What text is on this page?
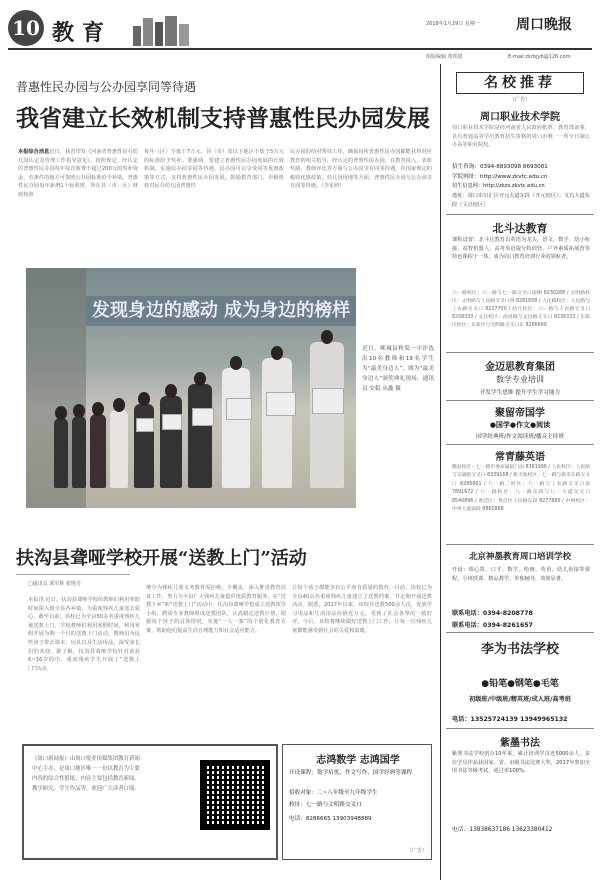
10 教育	2018年1月29日 星期一	周口晚报
组版编辑 黄铁银	E-mail:zkrbjyb@126.com
普惠性民办园与公办园享同等待遇
我省建立长效机制支持普惠性民办园发展
本报综合消息近日，我省印发《河南省普惠性民办幼儿园认定及管理工作指导意见》，按照规定，经认定的普惠性民办园每年每次收费不超过200元的奖补资金，有条件的地方可参照公办园标准给予补助。普惠性民办园每年新增1个标准班，所在县（市、区）财政按照
每年（区）不低于7万元、县（市）及以下地区不低于5万元的标准给予奖补。要强调，要建立普惠性民办园发展的长效机制，实施民办园享同等待遇。民办园可以享受同等优惠政策等方式，支持普惠性民办园发展，鼓励教育部门，市级机构对民办幼儿园普惠性
民办园的结对帮扶工作，确保每所普惠性民办园都能获得对应教育的相关指导，经认定的普惠性民办园，在教育投入、表彰奖励、教师评比等方面与公办园享有同等待遇。在国家规定的税收优惠政策，幼儿园用地等方面，普惠性民办园与公办园享有同等待遇。（李见研）
发现身边的感动 成为身边的榜样
近日，郸城县秋渠一中评选出10名教师和19名学生为“最美身边人”。图为“最美身边人”颁奖典礼现场。通讯员 安稳 从鑫 摄
扶沟县聋哑学校开展“送教上门”活动
□通讯员 郭军辉 张艳芳
本报讯 近日，扶沟县聋哑学校的教师们利用寒假时间深入到全县各乡镇，为重度残疾儿童送去爱心。截至目前，该校已为全县50多名重度残疾儿童送教上门，学校教师们利用寒假时间，利用寒假开展为期一个月的送教上门活动，教师们为这些孩子带去课本、玩具以及生活用品，深受家长们的欢迎。据了解，扶沟县聋哑学校针对该县6~16岁的中、重度残疾学生开展了“送教上门”活动。
统分为残疾儿童义务教育零拒绝。全覆盖，深入推进教育扶贫工作，努力为全县广大残疾儿童提供优质教育服务。在“送教下乡”和“送教上门”活动中，扶沟县聋哑学校成立送教领导小组，聘请专业教师组成送教团队，认真制定送教计划，根据每个孩子的具体情况，实施“一人一案”的个别化教育方案，帮助他们提高生活自理能力和社会适应能力。
让每个孩子都能享有公平而有质量的教育。目前，该校已为全县40余名重度残疾儿童建立了送教档案，并定期开展送教活动。据悉，2017年以来，该校共送教500余人次，发放学习用品和生活用品价值近万元，受到了社会各界的一致好评。今后，该校将继续做好送教上门工作，让每一位残疾儿童都能感受到社会的关爱和温暖。
《周口新闻报》由周口报业传媒集团教育新闻中心主办，是周口地区唯一一份以教育为主要内容的综合性报纸，内容主要包括教育新闻、教学研究、学生作品等。欢迎广大读者订阅。
志鸿数学 志鸿国学
开设课程：数学培优、作文写作、国学经典等课程
招收对象：二~八年级至九年级学生
校址：七一路与文明路交叉口
电话：8286665 13903948889
（广告）
名校推荐
（广告）
周口职业技术学院
周口职业技术学院是经河南省人民政府批准、教育部备案，具有普通高等学历教育招生资格的周口市唯一一所全日制公办高等职业院校。
招生咨询：0394-8893098 8693081
学院网址：http://www.zkvtc.edu.cn
招生信息网：http://zkzs.zkvtc.edu.cn
地址：周口市川汇区开元大道东段（开元校区）；文昌大道东段（文昌校区）
北斗达教育
课程设置：北斗达教育以英语为龙头，语文、数学、幼小衔接、益智机器人、高考英语提分特训营、户外素质拓展营等特色课程于一体，成为周口教育培训行业的领航者。
六一路校区：六一路与七一路交叉口南侧 8230288 / 文明路校区：文明路与人民路交叉口西 8281858 / 人民路校区：人民路与工农路交叉口 8227700 / 幼儿校区：六一路与人民路交叉口 8208333 / 文昌校区：滨河路与文昌路交叉口 8236333 / 东新区校区：东新区与光明路交叉口东 8266669
金迈思教育集团
数学专业培训
开发学生思维 提升学生学习能力
聚留帝国学
●国学●作文●阅读
国学经典班/作文阅读班/播音主持班
常青藤英语
精品校区：七一路市委家属院门面 8361996 / 人民校区：人民路与交通路交叉口 8339168 / 新天地校区：七一路与新市东路交叉口 8286861 / 八一路二校区：八一路与工农路交叉口南 7891672 / 八一路校区：八一路东段与八一大道交叉口 8540896 / 黄泛区：黄泛区人民路东段 8277889 / 中州校区：中州大道南段 8865868
北京神墨教育周口培训学校
开设：珠心算、口才、数学、绘画、英语、幼儿衔接等课程，小班授课，精品教学，单独辅导，效果显著。
联系电话：0394-8208778
联系电话：0394-8261657
李为书法学校
●铅笔●钢笔●毛笔
初级班/中级班/精英班/成人班/高考班
电话：13525724139 13949965132
紫墨书法
紫墨书法学校创办10年来，累计培训学员近5000余人，多位学员作品获国家、省、市级书法比赛大奖，2017年参加全国书法等级考试，通过率100%。
电话：13838637186 13623380412
